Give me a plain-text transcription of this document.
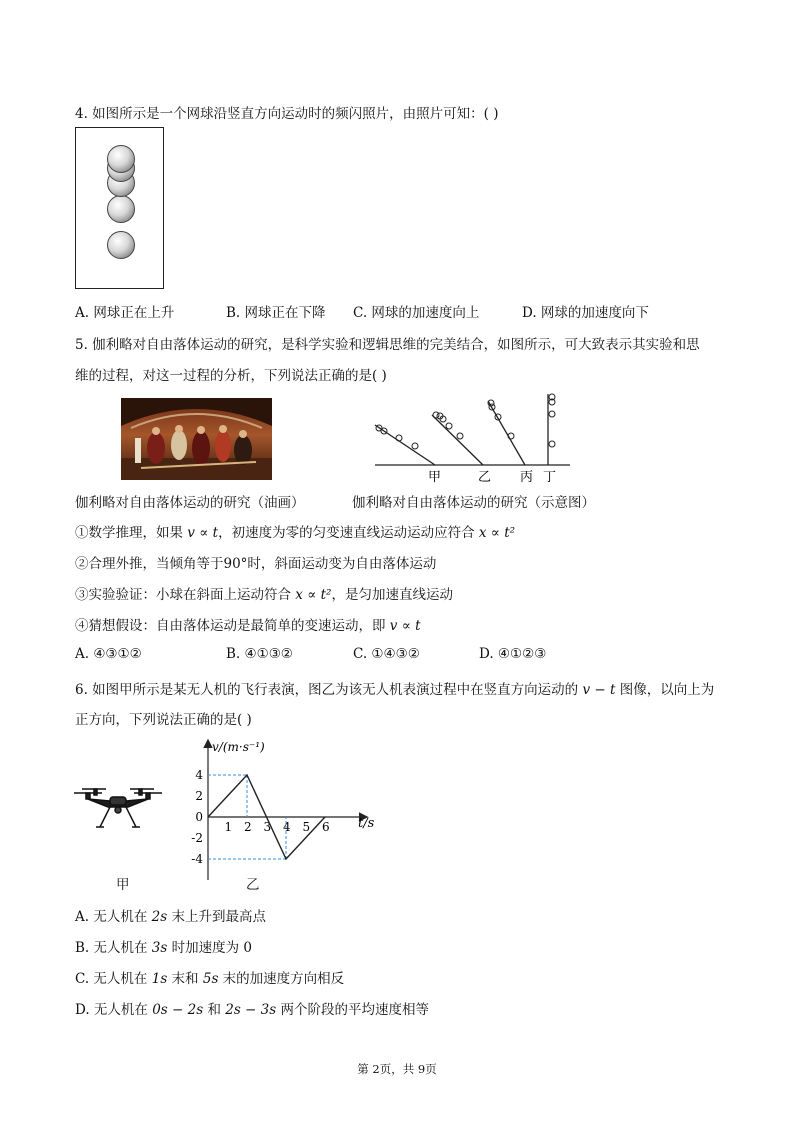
4. 如图所示是一个网球沿竖直方向运动时的频闪照片，由照片可知：( )
A. 网球正在上升	B. 网球正在下降 C. 网球的加速度向上	D. 网球的加速度向下
5. 伽利略对自由落体运动的研究，是科学实验和逻辑思维的完美结合，如图所示，可大致表示其实验和思
维的过程，对这一过程的分析，下列说法正确的是( )
甲	乙 丙 丁
伽利略对自由落体运动的研究（油画）	伽利略对自由落体运动的研究（示意图）
①数学推理，如果 v ∝ t，初速度为零的匀变速直线运动运动应符合 x ∝ t²
②合理外推，当倾角等于90°时，斜面运动变为自由落体运动
③实验验证：小球在斜面上运动符合 x ∝ t²，是匀加速直线运动
④猜想假设：自由落体运动是最简单的变速运动，即 v ∝ t
A. ④③①②	B. ④①③②	C. ①④③②	D. ④①②③
6. 如图甲所示是某无人机的飞行表演，图乙为该无人机表演过程中在竖直方向运动的 v − t 图像，以向上为
正方向，下列说法正确的是( )
甲
1 2 3 4 5 6
4
2
0
-2
-4
t/s
v/(m·s⁻¹)
乙
A. 无人机在 2s 末上升到最高点
B. 无人机在 3s 时加速度为 0
C. 无人机在 1s 末和 5s 末的加速度方向相反
D. 无人机在 0s − 2s 和 2s − 3s 两个阶段的平均速度相等
第 2页，共 9页
